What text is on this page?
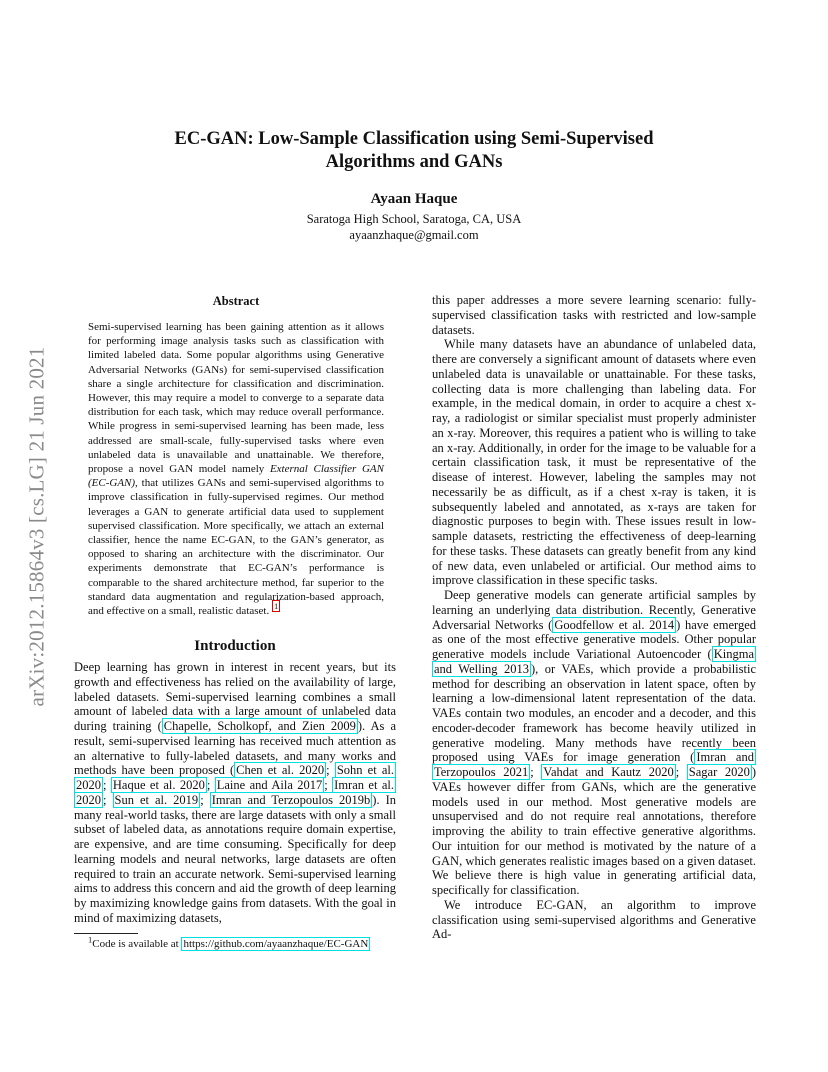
arXiv:2012.15864v3 [cs.LG] 21 Jun 2021
EC-GAN: Low-Sample Classification using Semi-Supervised
Algorithms and GANs
Ayaan Haque
Saratoga High School, Saratoga, CA, USA
ayaanzhaque@gmail.com
Abstract

Semi-supervised learning has been gaining attention as it allows for performing image analysis tasks such as classification with limited labeled data. Some popular algorithms using Generative Adversarial Networks (GANs) for semi-supervised classification share a single architecture for classification and discrimination. However, this may require a model to converge to a separate data distribution for each task, which may reduce overall performance. While progress in semi-supervised learning has been made, less addressed are small-scale, fully-supervised tasks where even unlabeled data is unavailable and unattainable. We therefore, propose a novel GAN model namely External Classifier GAN (EC-GAN), that utilizes GANs and semi-supervised algorithms to improve classification in fully-supervised regimes. Our method leverages a GAN to generate artificial data used to supplement supervised classification. More specifically, we attach an external classifier, hence the name EC-GAN, to the GAN’s generator, as opposed to sharing an architecture with the discriminator. Our experiments demonstrate that EC-GAN’s performance is comparable to the shared architecture method, far superior to the standard data augmentation and regularization-based approach, and effective on a small, realistic dataset. $^1$

Introduction

Deep learning has grown in interest in recent years, but its growth and effectiveness has relied on the availability of large, labeled datasets. Semi-supervised learning combines a small amount of labeled data with a large amount of unlabeled data during training ( Chapelle, Scholkopf, and Zien 2009 ). As a result, semi-supervised learning has received much attention as an alternative to fully-labeled datasets, and many works and methods have been proposed ( Chen et al. 2020 ; Sohn et al. 2020 ; Haque et al. 2020 ; Laine and Aila 2017 ; Imran et al. 2020 ; Sun et al. 2019 ; Imran and Terzopoulos 2019b ). In many real-world tasks, there are large datasets with only a small subset of labeled data, as annotations require domain expertise, are expensive, and are time consuming. Specifically for deep learning models and neural networks, large datasets are often required to train an accurate network. Semi-supervised learning aims to address this concern and aid the growth of deep learning by maximizing knowledge gains from datasets. With the goal in mind of maximizing datasets,

this paper addresses a more severe learning scenario: fully-supervised classification tasks with restricted and low-sample datasets.

While many datasets have an abundance of unlabeled data, there are conversely a significant amount of datasets where even unlabeled data is unavailable or unattainable. For these tasks, collecting data is more challenging than labeling data. For example, in the medical domain, in order to acquire a chest x-ray, a radiologist or similar specialist must properly administer an x-ray. Moreover, this requires a patient who is willing to take an x-ray. Additionally, in order for the image to be valuable for a certain classification task, it must be representative of the disease of interest. However, labeling the samples may not necessarily be as difficult, as if a chest x-ray is taken, it is subsequently labeled and annotated, as x-rays are taken for diagnostic purposes to begin with. These issues result in low-sample datasets, restricting the effectiveness of deep-learning for these tasks. These datasets can greatly benefit from any kind of new data, even unlabeled or artificial. Our method aims to improve classification in these specific tasks.

Deep generative models can generate artificial samples by learning an underlying data distribution. Recently, Generative Adversarial Networks ( Goodfellow et al. 2014 ) have emerged as one of the most effective generative models. Other popular generative models include Variational Autoencoder ( Kingma and Welling 2013 ), or VAEs, which provide a probabilistic method for describing an observation in latent space, often by learning a low-dimensional latent representation of the data. VAEs contain two modules, an encoder and a decoder, and this encoder-decoder framework has become heavily utilized in generative modeling. Many methods have recently been proposed using VAEs for image generation ( Imran and Terzopoulos 2021 ; Vahdat and Kautz 2020 ; Sagar 2020 ) VAEs however differ from GANs, which are the generative models used in our method. Most generative models are unsupervised and do not require real annotations, therefore improving the ability to train effective generative algorithms. Our intuition for our method is motivated by the nature of a GAN, which generates realistic images based on a given dataset. We believe there is high value in generating artificial data, specifically for classification.

We introduce EC-GAN, an algorithm to improve classification using semi-supervised algorithms and Generative Ad-

$^1$Code is available at https://github.com/ayaanzhaque/EC-GAN
